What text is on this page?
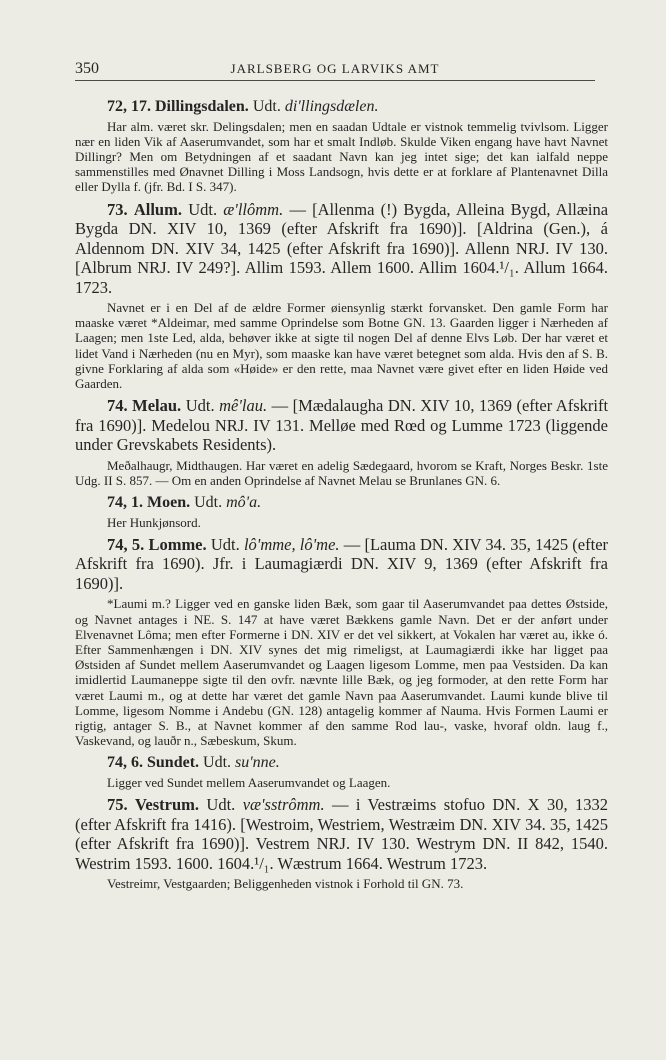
350	JARLSBERG OG LARVIKS AMT

72, 17. Dillingsdalen. Udt. di'llingsdælen.

Har alm. været skr. Delingsdalen; men en saadan Udtale er vistnok temmelig tvivlsom. Ligger nær en liden Vik af Aaserumvandet, som har et smalt Indløb. Skulde Viken engang have havt Navnet Dillingr? Men om Betydningen af et saadant Navn kan jeg intet sige; det kan ialfald neppe sammenstilles med Ønavnet Dilling i Moss Landsogn, hvis dette er at forklare af Plantenavnet Dilla eller Dylla f. (jfr. Bd. I S. 347).

73. Allum. Udt. æ'llômm. — [Allenma (!) Bygda, Alleina Bygd, Allæina Bygda DN. XIV 10, 1369 (efter Afskrift fra 1690)]. [Aldrina (Gen.), á Aldennom DN. XIV 34, 1425 (efter Afskrift fra 1690)]. Allenn NRJ. IV 130. [Albrum NRJ. IV 249?]. Allim 1593. Allem 1600. Allim 1604.¹/₁. Allum 1664. 1723.

Navnet er i en Del af de ældre Former øiensynlig stærkt forvansket. Den gamle Form har maaske været *Aldeimar, med samme Oprindelse som Botne GN. 13. Gaarden ligger i Nærheden af Laagen; men 1ste Led, alda, behøver ikke at sigte til nogen Del af denne Elvs Løb. Der har været et lidet Vand i Nærheden (nu en Myr), som maaske kan have været betegnet som alda. Hvis den af S. B. givne Forklaring af alda som «Høide» er den rette, maa Navnet være givet efter en liden Høide ved Gaarden.

74. Melau. Udt. mê'lau. — [Mædalaugha DN. XIV 10, 1369 (efter Afskrift fra 1690)]. Medelou NRJ. IV 131. Melløe med Rœd og Lumme 1723 (liggende under Grevskabets Residents).

Meðalhaugr, Midthaugen. Har været en adelig Sædegaard, hvorom se Kraft, Norges Beskr. 1ste Udg. II S. 857. — Om en anden Oprindelse af Navnet Melau se Brunlanes GN. 6.

74, 1. Moen. Udt. mô'a.

Her Hunkjønsord.

74, 5. Lomme. Udt. lô'mme, lô'me. — [Lauma DN. XIV 34. 35, 1425 (efter Afskrift fra 1690). Jfr. i Laumagiærdi DN. XIV 9, 1369 (efter Afskrift fra 1690)].

*Laumi m.? Ligger ved en ganske liden Bæk, som gaar til Aaserumvandet paa dettes Østside, og Navnet antages i NE. S. 147 at have været Bækkens gamle Navn. Det er der anført under Elvenavnet Lôma; men efter Formerne i DN. XIV er det vel sikkert, at Vokalen har været au, ikke ó. Efter Sammenhængen i DN. XIV synes det mig rimeligst, at Laumagiærdi ikke har ligget paa Østsiden af Sundet mellem Aaserumvandet og Laagen ligesom Lomme, men paa Vestsiden. Da kan imidlertid Laumaneppe sigte til den ovfr. nævnte lille Bæk, og jeg formoder, at den rette Form har været Laumi m., og at dette har været det gamle Navn paa Aaserumvandet. Laumi kunde blive til Lomme, ligesom Nomme i Andebu (GN. 128) antagelig kommer af Nauma. Hvis Formen Laumi er rigtig, antager S. B., at Navnet kommer af den samme Rod lau-, vaske, hvoraf oldn. laug f., Vaskevand, og lauðr n., Sæbeskum, Skum.

74, 6. Sundet. Udt. su'nne.

Ligger ved Sundet mellem Aaserumvandet og Laagen.

75. Vestrum. Udt. væ'sstrômm. — i Vestræims stofuo DN. X 30, 1332 (efter Afskrift fra 1416). [Westroim, Westriem, Westræim DN. XIV 34. 35, 1425 (efter Afskrift fra 1690)]. Vestrem NRJ. IV 130. Westrym DN. II 842, 1540. Westrim 1593. 1600. 1604.¹/₁. Wæstrum 1664. Westrum 1723.

Vestreimr, Vestgaarden; Beliggenheden vistnok i Forhold til GN. 73.
